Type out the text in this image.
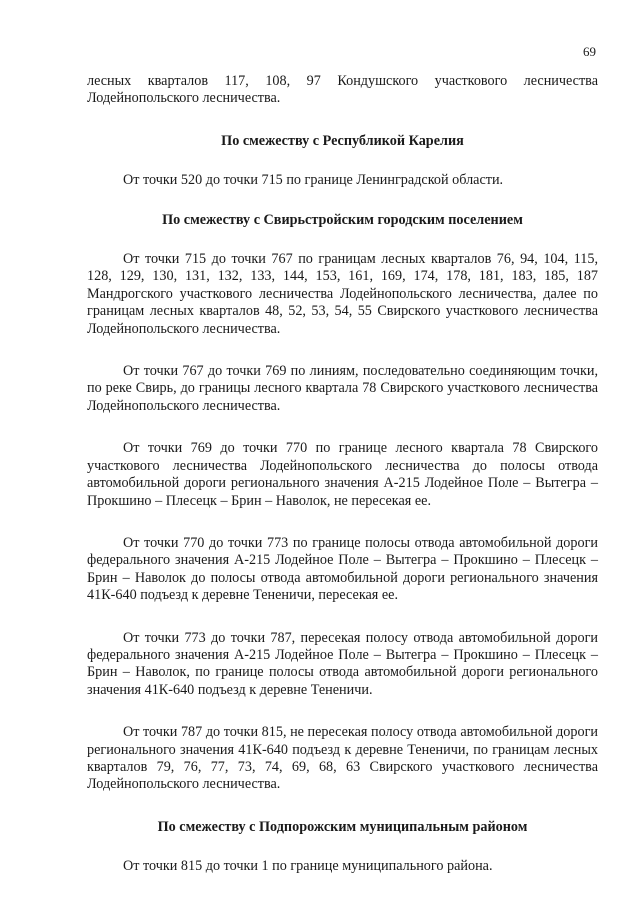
69

лесных кварталов 117, 108, 97 Кондушского участкового лесничества Лодейнопольского лесничества.

По смежеству с Республикой Карелия

От точки 520 до точки 715 по границе Ленинградской области.

По смежеству с Свирьстройским городским поселением

От точки 715 до точки 767 по границам лесных кварталов 76, 94, 104, 115, 128, 129, 130, 131, 132, 133, 144, 153, 161, 169, 174, 178, 181, 183, 185, 187 Мандрогского участкового лесничества Лодейнопольского лесничества, далее по границам лесных кварталов 48, 52, 53, 54, 55 Свирского участкового лесничества Лодейнопольского лесничества.

От точки 767 до точки 769 по линиям, последовательно соединяющим точки, по реке Свирь, до границы лесного квартала 78 Свирского участкового лесничества Лодейнопольского лесничества.

От точки 769 до точки 770 по границе лесного квартала 78 Свирского участкового лесничества Лодейнопольского лесничества до полосы отвода автомобильной дороги регионального значения А-215 Лодейное Поле – Вытегра – Прокшино – Плесецк – Брин – Наволок, не пересекая ее.

От точки 770 до точки 773 по границе полосы отвода автомобильной дороги федерального значения А-215 Лодейное Поле – Вытегра – Прокшино – Плесецк – Брин – Наволок до полосы отвода автомобильной дороги регионального значения 41К-640 подъезд к деревне Тененичи, пересекая ее.

От точки 773 до точки 787, пересекая полосу отвода автомобильной дороги федерального значения А-215 Лодейное Поле – Вытегра – Прокшино – Плесецк – Брин – Наволок, по границе полосы отвода автомобильной дороги регионального значения 41К-640 подъезд к деревне Тененичи.

От точки 787 до точки 815, не пересекая полосу отвода автомобильной дороги регионального значения 41К-640 подъезд к деревне Тененичи, по границам лесных кварталов 79, 76, 77, 73, 74, 69, 68, 63 Свирского участкового лесничества Лодейнопольского лесничества.

По смежеству с Подпорожским муниципальным районом

От точки 815 до точки 1 по границе муниципального района.
